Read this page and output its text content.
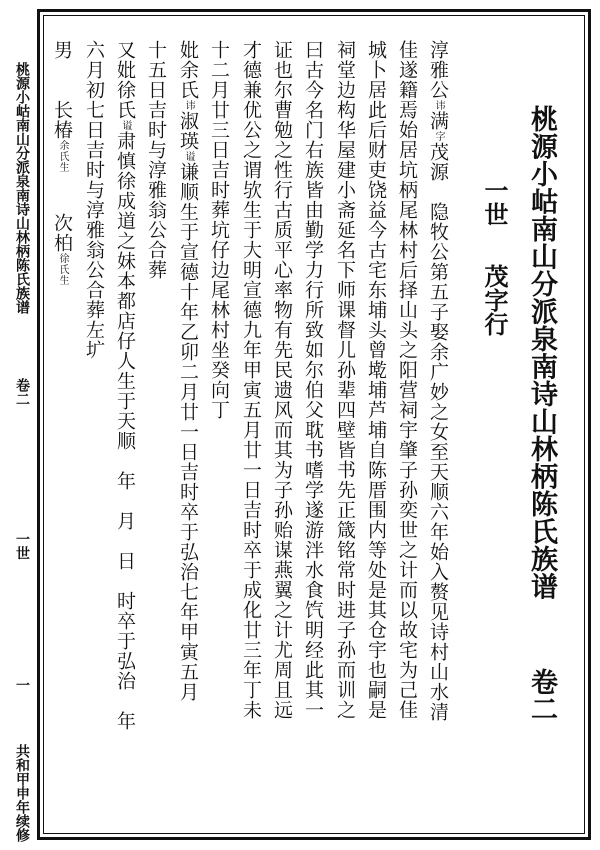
桃源小岵南山分派泉南诗山林柄陈氏族谱
卷二
一世
一
共和甲申年续修
桃源小岵南山分派泉南诗山林柄陈氏族谱
卷二
一世
茂字行
淳雅公讳满字茂源　隐牧公第五子娶余广妙之女至天顺六年始入赘见诗村山水清
佳遂籍焉始居坑柄尾林村后择山头之阳营祠宇肇子孙奕世之计而以故宅为己佳
城卜居此后财吏饶益今古宅东埔头曾墘埔芦埔自陈厝围内等处是其仓宇也嗣是
祠堂边构华屋建小斋延名下师课督儿孙辈四壁皆书先正箴铭常时进子孙而训之
曰古今名门右族皆由勤学力行所致如尔伯父耽书嗜学遂游泮水食饩明经此其一
证也尔曹勉之性行古质平心率物有先民遗风而其为子孙贻谋燕翼之计尤周且远
才德兼优公之谓欤生于大明宣德九年甲寅五月廿一日吉时卒于成化廿三年丁未
十二月廿三日吉时葬坑仔边尾林村坐癸向丁
妣余氏讳淑瑛谥谦顺生于宣德十年乙卯二月廿一日吉时卒于弘治七年甲寅五月
十五日吉时与淳雅翁公合葬
又妣徐氏谥肃慎徐成道之妹本都店仔人生于天顺　年　月　日　时卒于弘治　年
六月初七日吉时与淳雅翁公合葬左圹
男　　长椿余氏生　　次柏徐氏生
